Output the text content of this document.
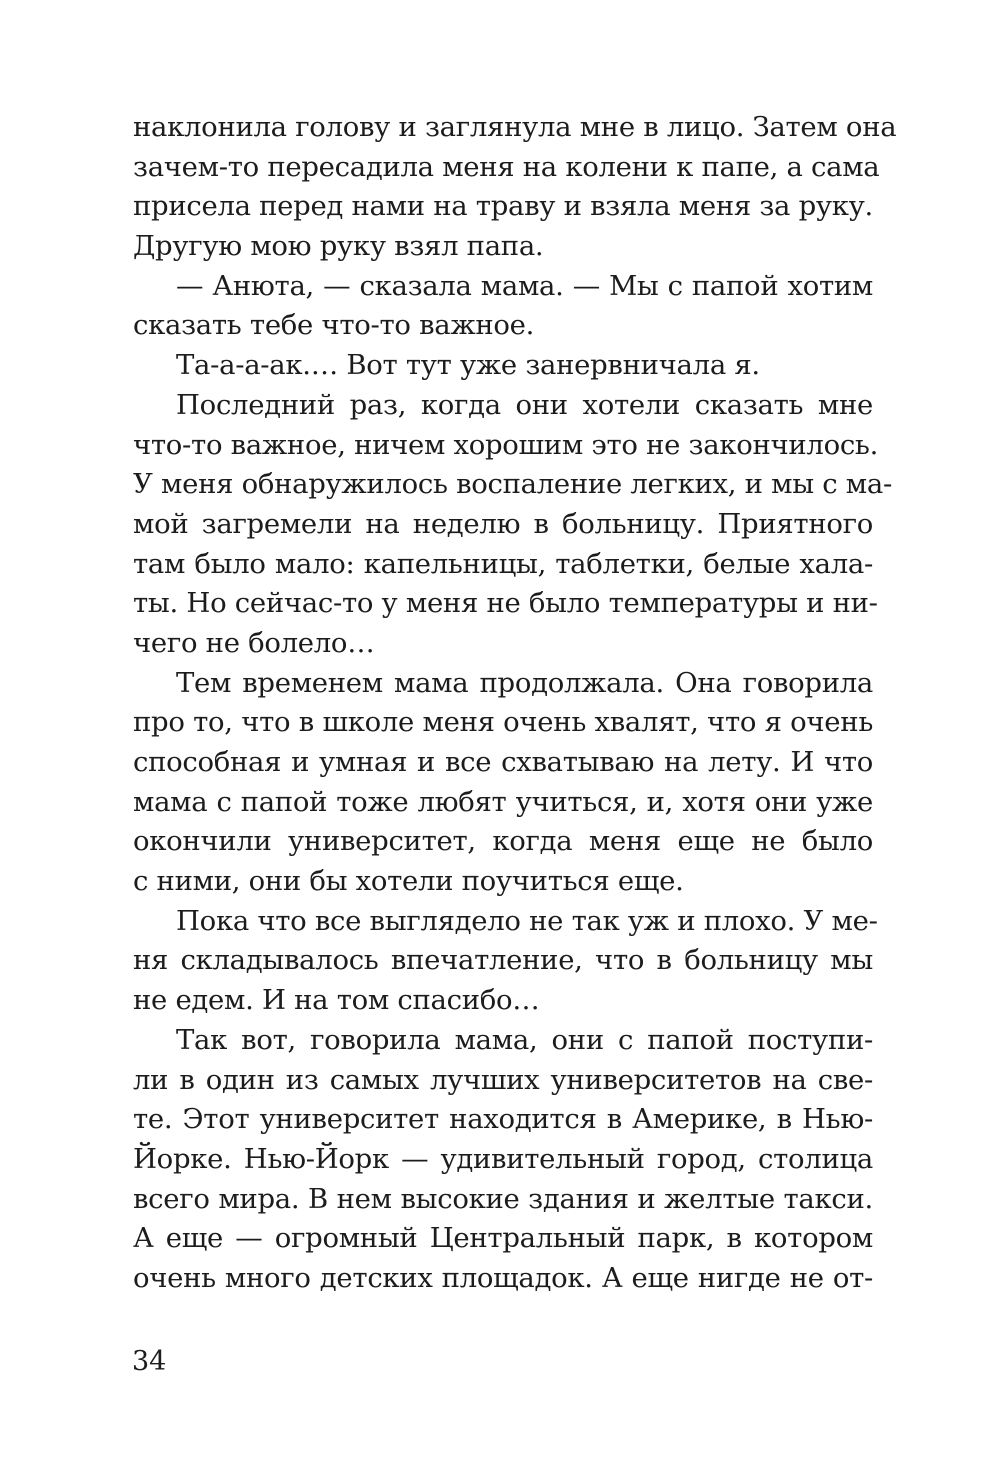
наклонила голову и заглянула мне в лицо. Затем она
зачем-то пересадила меня на колени к папе, а сама
присела перед нами на траву и взяла меня за руку.
Другую мою руку взял папа.
— Анюта, — сказала мама. — Мы с папой хотим
сказать тебе что-то важное.
Та-а-а-ак.… Вот тут уже занервничала я.
Последний раз, когда они хотели сказать мне
что-то важное, ничем хорошим это не закончилось.
У меня обнаружилось воспаление легких, и мы с ма-
мой загремели на неделю в больницу. Приятного
там было мало: капельницы, таблетки, белые хала-
ты. Но сейчас-то у меня не было температуры и ни-
чего не болело…
Тем временем мама продолжала. Она говорила
про то, что в школе меня очень хвалят, что я очень
способная и умная и все схватываю на лету. И что
мама с папой тоже любят учиться, и, хотя они уже
окончили университет, когда меня еще не было
с ними, они бы хотели поучиться еще.
Пока что все выглядело не так уж и плохо. У ме-
ня складывалось впечатление, что в больницу мы
не едем. И на том спасибо…
Так вот, говорила мама, они с папой поступи-
ли в один из самых лучших университетов на све-
те. Этот университет находится в Америке, в Нью-
Йорке. Нью-Йорк — удивительный город, столица
всего мира. В нем высокие здания и желтые такси.
А еще — огромный Центральный парк, в котором
очень много детских площадок. А еще нигде не от-
34
